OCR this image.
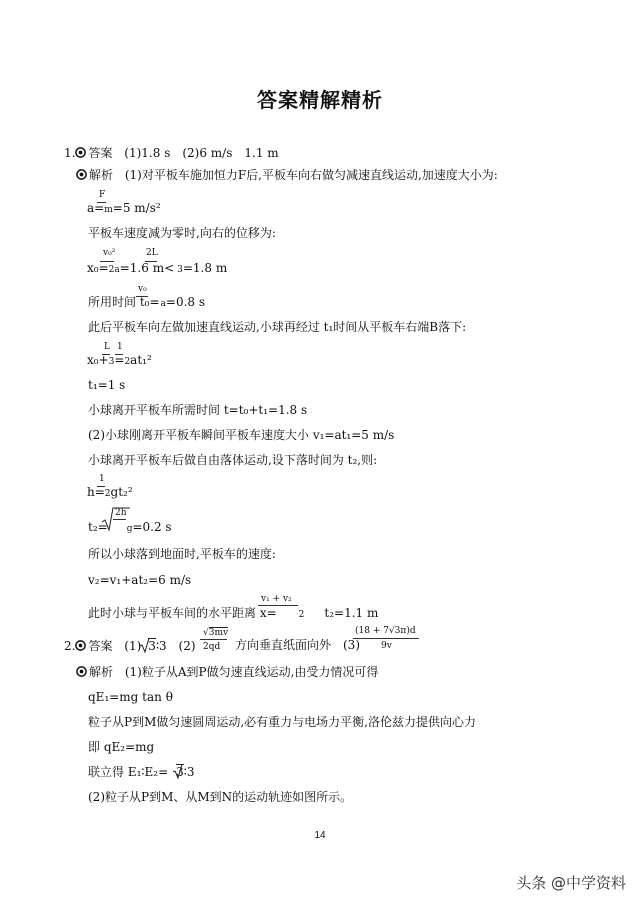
答案精解精析
1. 答案 (1)1.8 s　(2)6 m/s　1.1 m
解析 (1)对平板车施加恒力F后,平板车向右做匀减速直线运动,加速度大小为:
F
a=m=5 m/s²
平板车速度减为零时,向右的位移为:
v₀²	2L
x₀=2a=1.6 m< 3=1.8 m
v₀
所用时间 t₀=a=0.8 s
此后平板车向左做加速直线运动,小球再经过 t₁时间从平板车右端B落下:
L 1
x₀+3=2at₁²
t₁=1 s
小球离开平板车所需时间 t=t₀+t₁=1.8 s
(2)小球刚离开平板车瞬间平板车速度大小 v₁=at₁=5 m/s
小球离开平板车后做自由落体运动,设下落时间为 t₂,则:
1
h=2gt₂²
2h
t₂= g=0.2 s
所以小球落到地面时,平板车的速度:
v₂=v₁+at₂=6 m/s
v₁ + v₂
此时小球与平板车间的水平距离 x= 2 t₂=1.1 m
2. 答案 (1) 3∶3 (2)
√3mv
2qd 方向垂直纸面向外 (3)
(18 + 7√3π)d
9v
解析 (1)粒子从A到P做匀速直线运动,由受力情况可得
qE₁=mg tan θ
粒子从P到M做匀速圆周运动,必有重力与电场力平衡,洛伦兹力提供向心力
即 qE₂=mg
联立得 E₁∶E₂= 3∶3
(2)粒子从P到M、从M到N的运动轨迹如图所示。
14
头条 @中学资料
